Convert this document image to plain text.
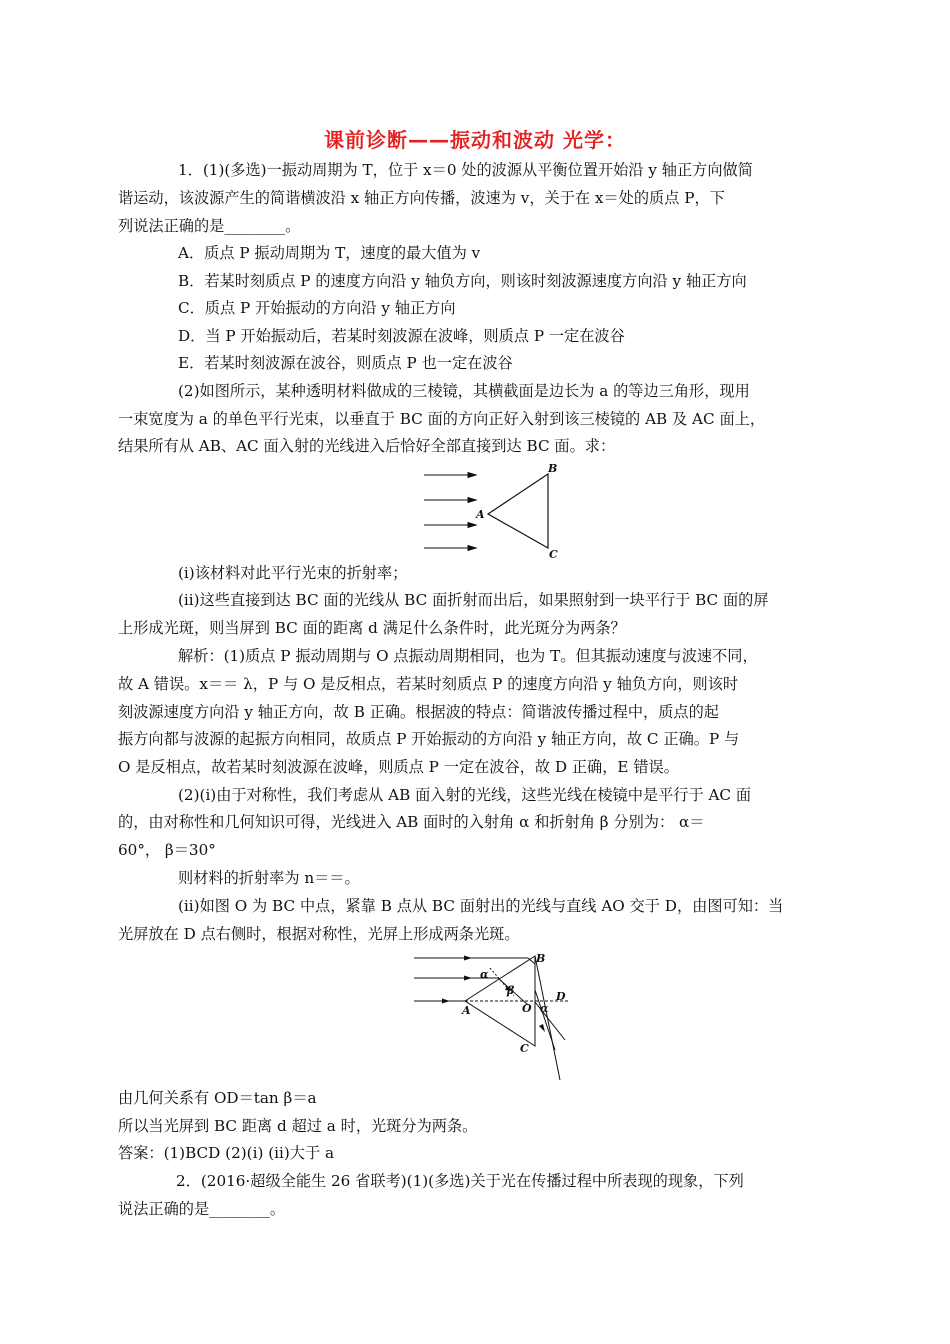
课前诊断——振动和波动 光学：
1．(1)(多选)一振动周期为 T，位于 x＝0 处的波源从平衡位置开始沿 y 轴正方向做简
谐运动，该波源产生的简谐横波沿 x 轴正方向传播，波速为 v，关于在 x＝处的质点 P，下
列说法正确的是________。
A．质点 P 振动周期为 T，速度的最大值为 v
B．若某时刻质点 P 的速度方向沿 y 轴负方向，则该时刻波源速度方向沿 y 轴正方向
C．质点 P 开始振动的方向沿 y 轴正方向
D．当 P 开始振动后，若某时刻波源在波峰，则质点 P 一定在波谷
E．若某时刻波源在波谷，则质点 P 也一定在波谷
(2)如图所示，某种透明材料做成的三棱镜，其横截面是边长为 a 的等边三角形，现用
一束宽度为 a 的单色平行光束，以垂直于 BC 面的方向正好入射到该三棱镜的 AB 及 AC 面上，
结果所有从 AB、AC 面入射的光线进入后恰好全部直接到达 BC 面。求：
A
B
C
(ⅰ)该材料对此平行光束的折射率；
(ⅱ)这些直接到达 BC 面的光线从 BC 面折射而出后，如果照射到一块平行于 BC 面的屏
上形成光斑，则当屏到 BC 面的距离 d 满足什么条件时，此光斑分为两条？
解析：(1)质点 P 振动周期与 O 点振动周期相同，也为 T。但其振动速度与波速不同，
故 A 错误。x＝＝ λ，P 与 O 是反相点，若某时刻质点 P 的速度方向沿 y 轴负方向，则该时
刻波源速度方向沿 y 轴正方向，故 B 正确。根据波的特点：简谐波传播过程中，质点的起
振方向都与波源的起振方向相同，故质点 P 开始振动的方向沿 y 轴正方向，故 C 正确。P 与
O 是反相点，故若某时刻波源在波峰，则质点 P 一定在波谷，故 D 正确，E 错误。
(2)(ⅰ)由于对称性，我们考虑从 AB 面入射的光线，这些光线在棱镜中是平行于 AC 面
的，由对称性和几何知识可得，光线进入 AB 面时的入射角 α 和折射角 β 分别为： α＝
60°， β＝30°
则材料的折射率为 n＝＝。
(ⅱ)如图 O 为 BC 中点，紧靠 B 点从 BC 面射出的光线与直线 AO 交于 D，由图可知：当
光屏放在 D 点右侧时，根据对称性，光屏上形成两条光斑。
A
B
C
O
D
α
β
α
由几何关系有 OD＝tan β＝a
所以当光屏到 BC 距离 d 超过 a 时，光斑分为两条。
答案：(1)BCD (2)(ⅰ) (ⅱ)大于 a
2．(2016·超级全能生 26 省联考)(1)(多选)关于光在传播过程中所表现的现象，下列
说法正确的是________。
